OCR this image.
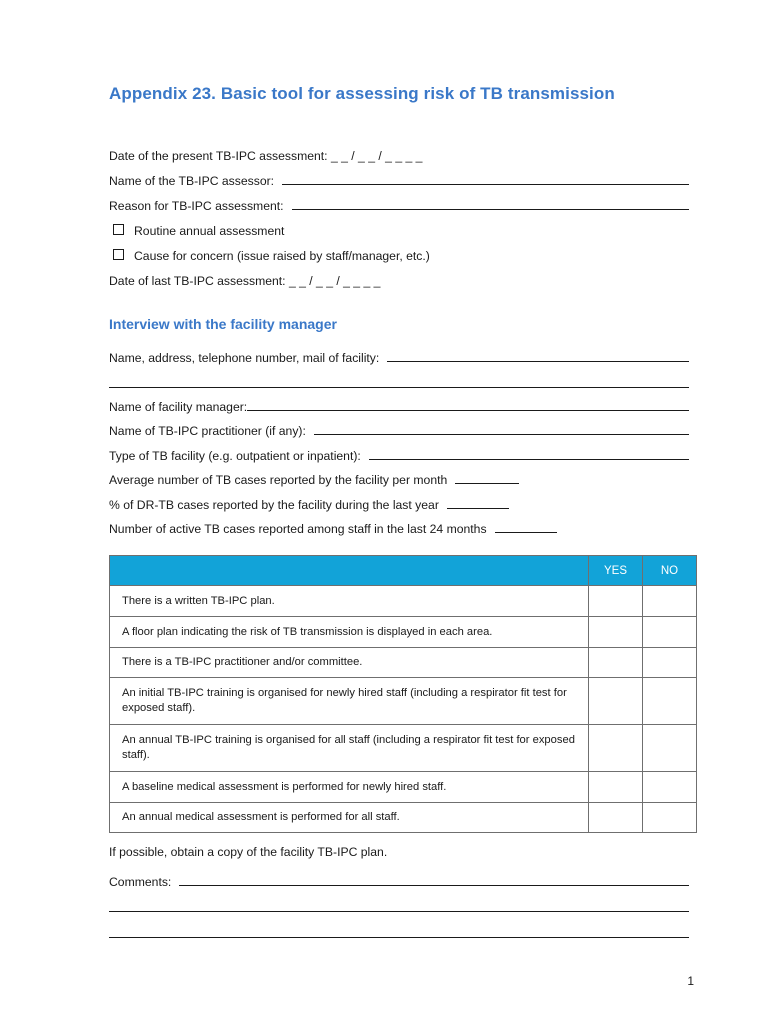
Appendix 23. Basic tool for assessing risk of TB transmission
Date of the present TB-IPC assessment: _ _ / _ _ / _ _ _ _
Name of the TB-IPC assessor:
Reason for TB-IPC assessment:
Routine annual assessment
Cause for concern (issue raised by staff/manager, etc.)
Date of last TB-IPC assessment: _ _ / _ _ / _ _ _ _
Interview with the facility manager
Name, address, telephone number, mail of facility:
Name of facility manager:
Name of TB-IPC practitioner (if any):
Type of TB facility (e.g. outpatient or inpatient):
Average number of TB cases reported by the facility per month
% of DR-TB cases reported by the facility during the last year
Number of active TB cases reported among staff in the last 24 months
	YES	NO
There is a written TB-IPC plan.		
A floor plan indicating the risk of TB transmission is displayed in each area.		
There is a TB-IPC practitioner and/or committee.		
An initial TB-IPC training is organised for newly hired staff (including a respirator fit test for exposed staff).		
An annual TB-IPC training is organised for all staff (including a respirator fit test for exposed staff).		
A baseline medical assessment is performed for newly hired staff.		
An annual medical assessment is performed for all staff.		
If possible, obtain a copy of the facility TB-IPC plan.
Comments:
1
